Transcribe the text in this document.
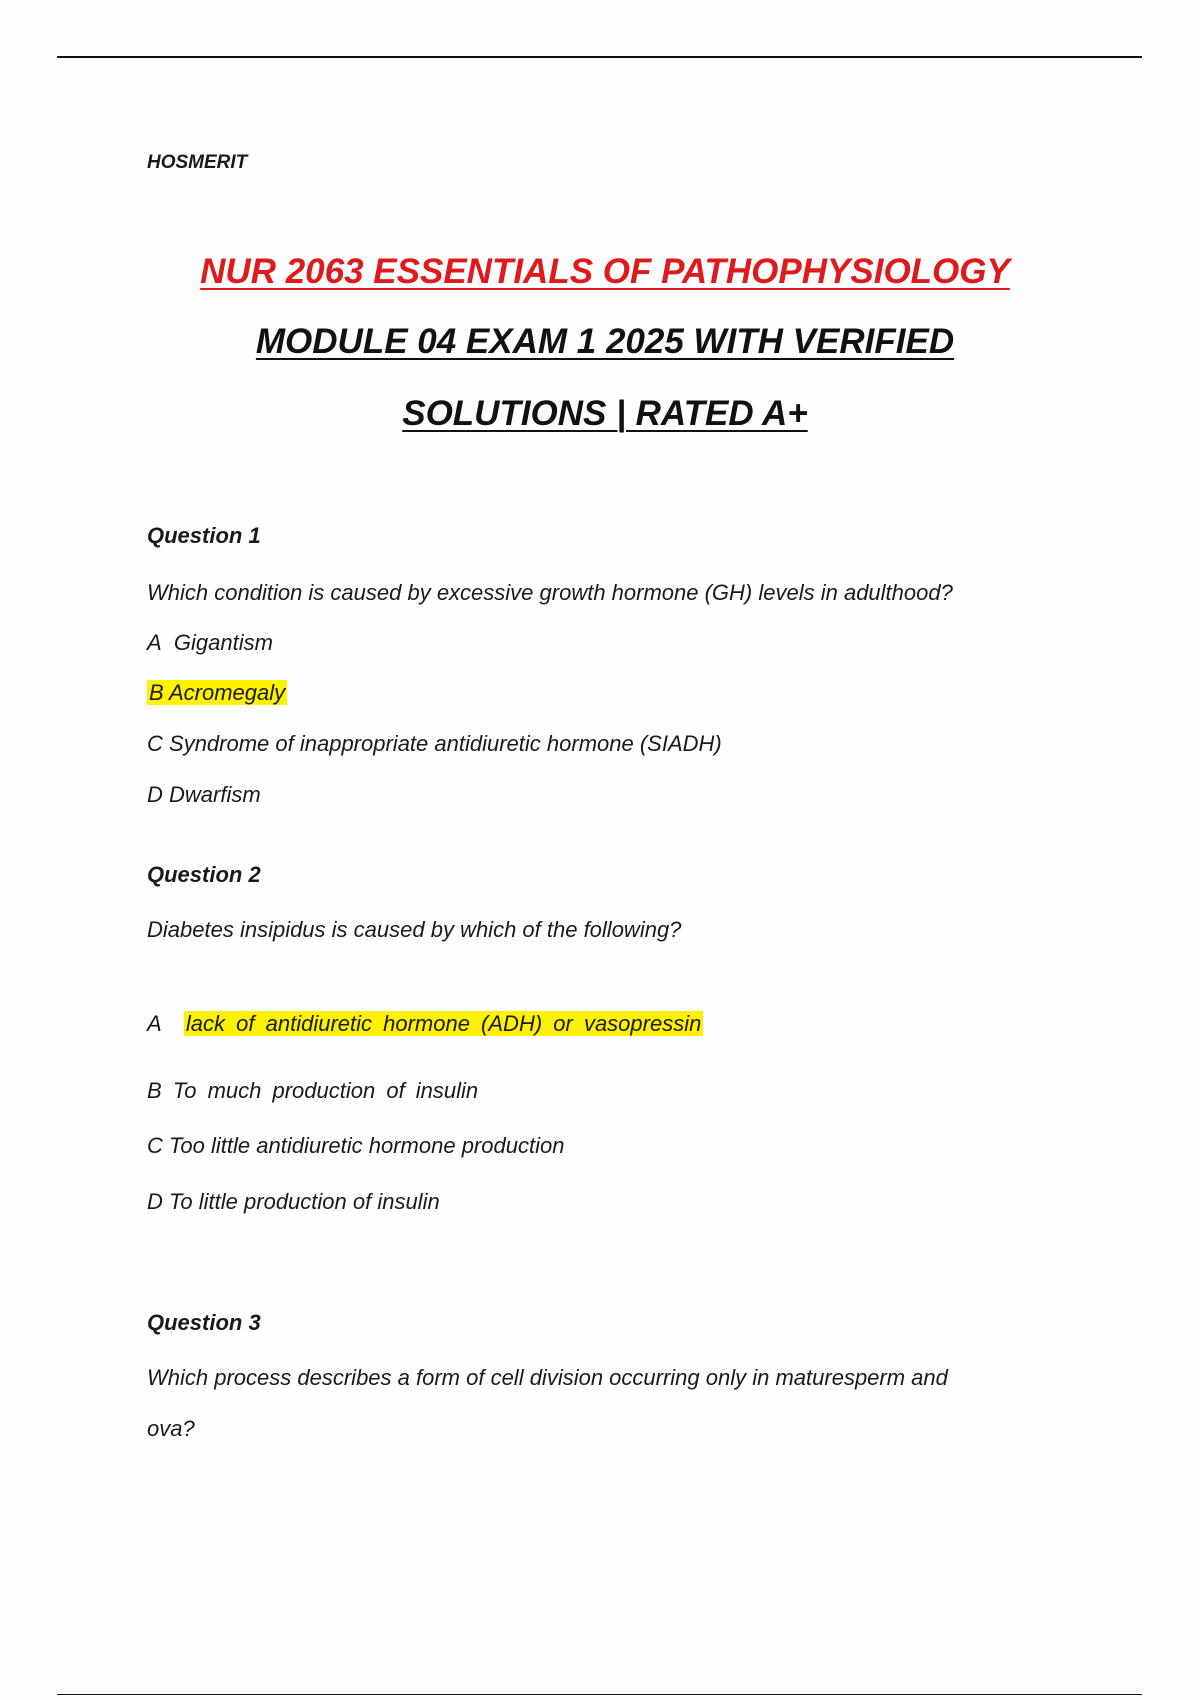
HOSMERIT
NUR 2063 ESSENTIALS OF PATHOPHYSIOLOGY
MODULE 04 EXAM 1 2025 WITH VERIFIED
SOLUTIONS | RATED A+
Question 1
Which condition is caused by excessive growth hormone (GH) levels in adulthood?
A Gigantism
B Acromegaly
C Syndrome of inappropriate antidiuretic hormone (SIADH)
D Dwarfism
Question 2
Diabetes insipidus is caused by which of the following?
A lack of antidiuretic hormone (ADH) or vasopressin
B To much production of insulin
C Too little antidiuretic hormone production
D To little production of insulin
Question 3
Which process describes a form of cell division occurring only in maturesperm and
ova?
